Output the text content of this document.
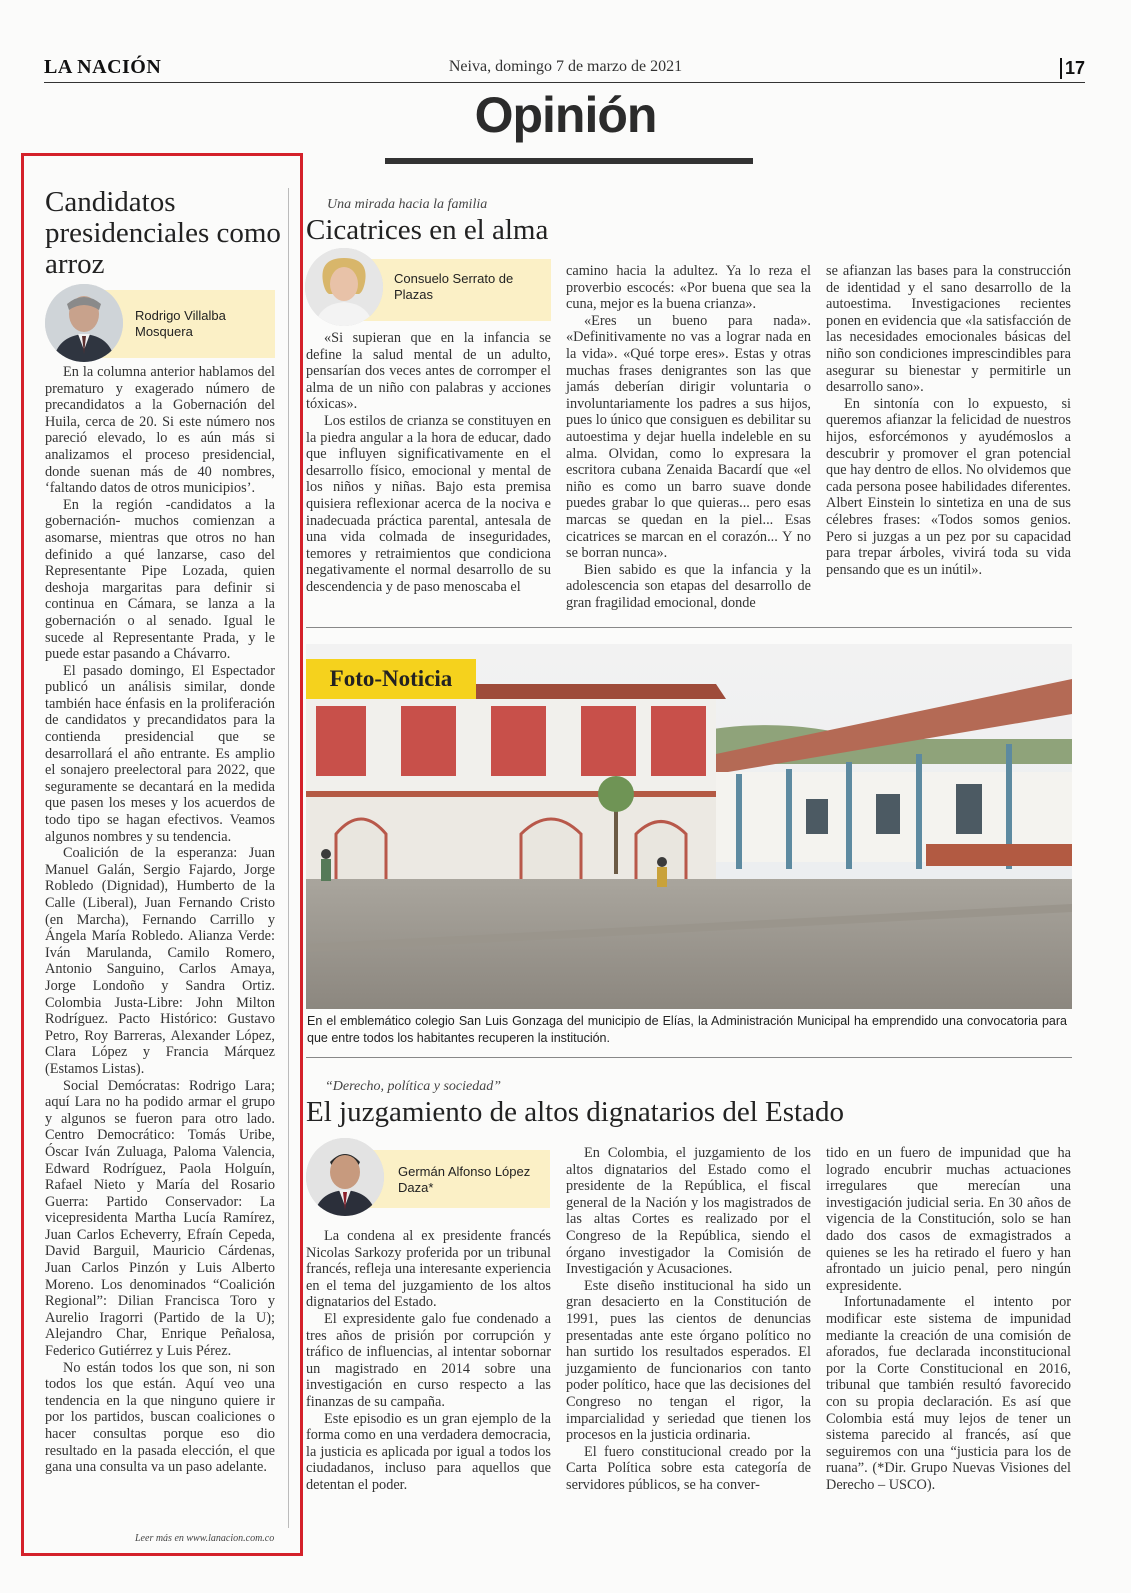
LA NACIÓN	Neiva, domingo 7 de marzo de 2021	17
Opinión
Candidatos presidenciales como arroz
Rodrigo Villalba Mosquera

En la columna anterior hablamos del prematuro y exagerado número de precandidatos a la Gobernación del Huila, cerca de 20. Si este número nos pareció elevado, lo es aún más si analizamos el proceso presidencial, donde suenan más de 40 nombres, ‘faltando datos de otros municipios’.

En la región -candidatos a la gobernación- muchos comienzan a asomarse, mientras que otros no han definido a qué lanzarse, caso del Representante Pipe Lozada, quien deshoja margaritas para definir si continua en Cámara, se lanza a la gobernación o al senado. Igual le sucede al Representante Prada, y le puede estar pasando a Chávarro.

El pasado domingo, El Espectador publicó un análisis similar, donde también hace énfasis en la proliferación de candidatos y precandidatos para la contienda presidencial que se desarrollará el año entrante. Es amplio el sonajero preelectoral para 2022, que seguramente se decantará en la medida que pasen los meses y los acuerdos de todo tipo se hagan efectivos. Veamos algunos nombres y su tendencia.

Coalición de la esperanza: Juan Manuel Galán, Sergio Fajardo, Jorge Robledo (Dignidad), Humberto de la Calle (Liberal), Juan Fernando Cristo (en Marcha), Fernando Carrillo y Ángela María Robledo. Alianza Verde: Iván Marulanda, Camilo Romero, Antonio Sanguino, Carlos Amaya, Jorge Londoño y Sandra Ortiz. Colombia Justa-Libre: John Milton Rodríguez. Pacto Histórico: Gustavo Petro, Roy Barreras, Alexander López, Clara López y Francia Márquez (Estamos Listas).

Social Demócratas: Rodrigo Lara; aquí Lara no ha podido armar el grupo y algunos se fueron para otro lado. Centro Democrático: Tomás Uribe, Óscar Iván Zuluaga, Paloma Valencia, Edward Rodríguez, Paola Holguín, Rafael Nieto y María del Rosario Guerra: Partido Conservador: La vicepresidenta Martha Lucía Ramírez, Juan Carlos Echeverry, Efraín Cepeda, David Barguil, Mauricio Cárdenas, Juan Carlos Pinzón y Luis Alberto Moreno. Los denominados “Coalición Regional”: Dilian Francisca Toro y Aurelio Iragorri (Partido de la U); Alejandro Char, Enrique Peñalosa, Federico Gutiérrez y Luis Pérez.

No están todos los que son, ni son todos los que están. Aquí veo una tendencia en la que ninguno quiere ir por los partidos, buscan coaliciones o hacer consultas porque eso dio resultado en la pasada elección, el que gana una consulta va un paso adelante.

Leer más en www.lanacion.com.co
Una mirada hacia la familia
Cicatrices en el alma
Consuelo Serrato de Plazas

«Si supieran que en la infancia se define la salud mental de un adulto, pensarían dos veces antes de corromper el alma de un niño con palabras y acciones tóxicas».

Los estilos de crianza se constituyen en la piedra angular a la hora de educar, dado que influyen significativamente en el desarrollo físico, emocional y mental de los niños y niñas. Bajo esta premisa quisiera reflexionar acerca de la nociva e inadecuada práctica parental, antesala de una vida colmada de inseguridades, temores y retraimientos que condiciona negativamente el normal desarrollo de su descendencia y de paso menoscaba el

camino hacia la adultez. Ya lo reza el proverbio escocés: «Por buena que sea la cuna, mejor es la buena crianza».

«Eres un bueno para nada». «Definitivamente no vas a lograr nada en la vida». «Qué torpe eres». Estas y otras muchas frases denigrantes son las que jamás deberían dirigir voluntaria o involuntariamente los padres a sus hijos, pues lo único que consiguen es debilitar su autoestima y dejar huella indeleble en su alma. Olvidan, como lo expresara la escritora cubana Zenaida Bacardí que «el niño es como un barro suave donde puedes grabar lo que quieras... pero esas marcas se quedan en la piel... Esas cicatrices se marcan en el corazón... Y no se borran nunca».

Bien sabido es que la infancia y la adolescencia son etapas del desarrollo de gran fragilidad emocional, donde

se afianzan las bases para la construcción de identidad y el sano desarrollo de la autoestima. Investigaciones recientes ponen en evidencia que «la satisfacción de las necesidades emocionales básicas del niño son condiciones imprescindibles para asegurar su bienestar y permitirle un desarrollo sano».

En sintonía con lo expuesto, si queremos afianzar la felicidad de nuestros hijos, esforcémonos y ayudémoslos a descubrir y promover el gran potencial que hay dentro de ellos. No olvidemos que cada persona posee habilidades diferentes. Albert Einstein lo sintetiza en una de sus célebres frases: «Todos somos genios. Pero si juzgas a un pez por su capacidad para trepar árboles, vivirá toda su vida pensando que es un inútil».

Foto-Noticia
En el emblemático colegio San Luis Gonzaga del municipio de Elías, la Administración Municipal ha emprendido una convocatoria para que entre todos los habitantes recuperen la institución.
“Derecho, política y sociedad”
El juzgamiento de altos dignatarios del Estado
Germán Alfonso López Daza*

La condena al ex presidente francés Nicolas Sarkozy proferida por un tribunal francés, refleja una interesante experiencia en el tema del juzgamiento de los altos dignatarios del Estado.

El expresidente galo fue condenado a tres años de prisión por corrupción y tráfico de influencias, al intentar sobornar un magistrado en 2014 sobre una investigación en curso respecto a las finanzas de su campaña.

Este episodio es un gran ejemplo de la forma como en una verdadera democracia, la justicia es aplicada por igual a todos los ciudadanos, incluso para aquellos que detentan el poder.

En Colombia, el juzgamiento de los altos dignatarios del Estado como el presidente de la República, el fiscal general de la Nación y los magistrados de las altas Cortes es realizado por el Congreso de la República, siendo el órgano investigador la Comisión de Investigación y Acusaciones.

Este diseño institucional ha sido un gran desacierto en la Constitución de 1991, pues las cientos de denuncias presentadas ante este órgano político no han surtido los resultados esperados. El juzgamiento de funcionarios con tanto poder político, hace que las decisiones del Congreso no tengan el rigor, la imparcialidad y seriedad que tienen los procesos en la justicia ordinaria.

El fuero constitucional creado por la Carta Política sobre esta categoría de servidores públicos, se ha conver-

tido en un fuero de impunidad que ha logrado encubrir muchas actuaciones irregulares que merecían una investigación judicial seria. En 30 años de vigencia de la Constitución, solo se han dado dos casos de exmagistrados a quienes se les ha retirado el fuero y han afrontado un juicio penal, pero ningún expresidente.

Infortunadamente el intento por modificar este sistema de impunidad mediante la creación de una comisión de aforados, fue declarada inconstitucional por la Corte Constitucional en 2016, tribunal que también resultó favorecido con su propia declaración. Es así que Colombia está muy lejos de tener un sistema parecido al francés, así que seguiremos con una “justicia para los de ruana”. (*Dir. Grupo Nuevas Visiones del Derecho – USCO).
